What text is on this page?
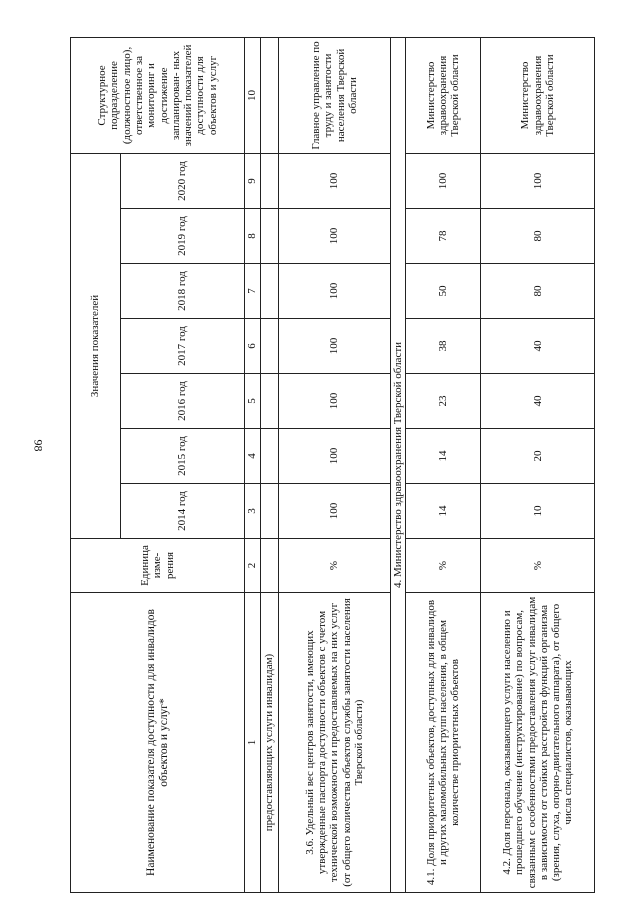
98
Наименование показателя доступности для инвалидов объектов и услуг*	Единица изме- рения	Значения показателей							Структурное подразделение (должностное лицо), ответственное за мониторинг и достижение запланирован- ных значений показателей доступности для объектов и услуг
		2014 год	2015 год	2016 год	2017 год	2018 год	2019 год	2020 год	
1	2	3	4	5	6	7	8	9	10
предоставляющих услуги инвалидам)									
3.6. Удельный вес центров занятости, имеющих утвержденные паспорта доступности объектов с учетом технической возможности и предоставляемых на них услуг (от общего количества объектов службы занятости населения Тверской области)	%	100	100	100	100	100	100	100	Главное управление по труду и занятости населения Тверской области
4. Министерство здравоохранения Тверской области									
4.1. Доля приоритетных объектов, доступных для инвалидов и других маломобильных групп населения, в общем количестве приоритетных объектов	%	14	14	23	38	50	78	100	Министерство здравоохранения Тверской области
4.2. Доля персонала, оказывающего услуги населению и прошедшего обучение (инструктирование) по вопросам, связанным с особенностями предоставления услуг инвалидам в зависимости от стойких расстройств функций организма (зрения, слуха, опорно-двигательного аппарата), от общего числа специалистов, оказывающих	%	10	20	40	40	80	80	100	Министерство здравоохранения Тверской области
